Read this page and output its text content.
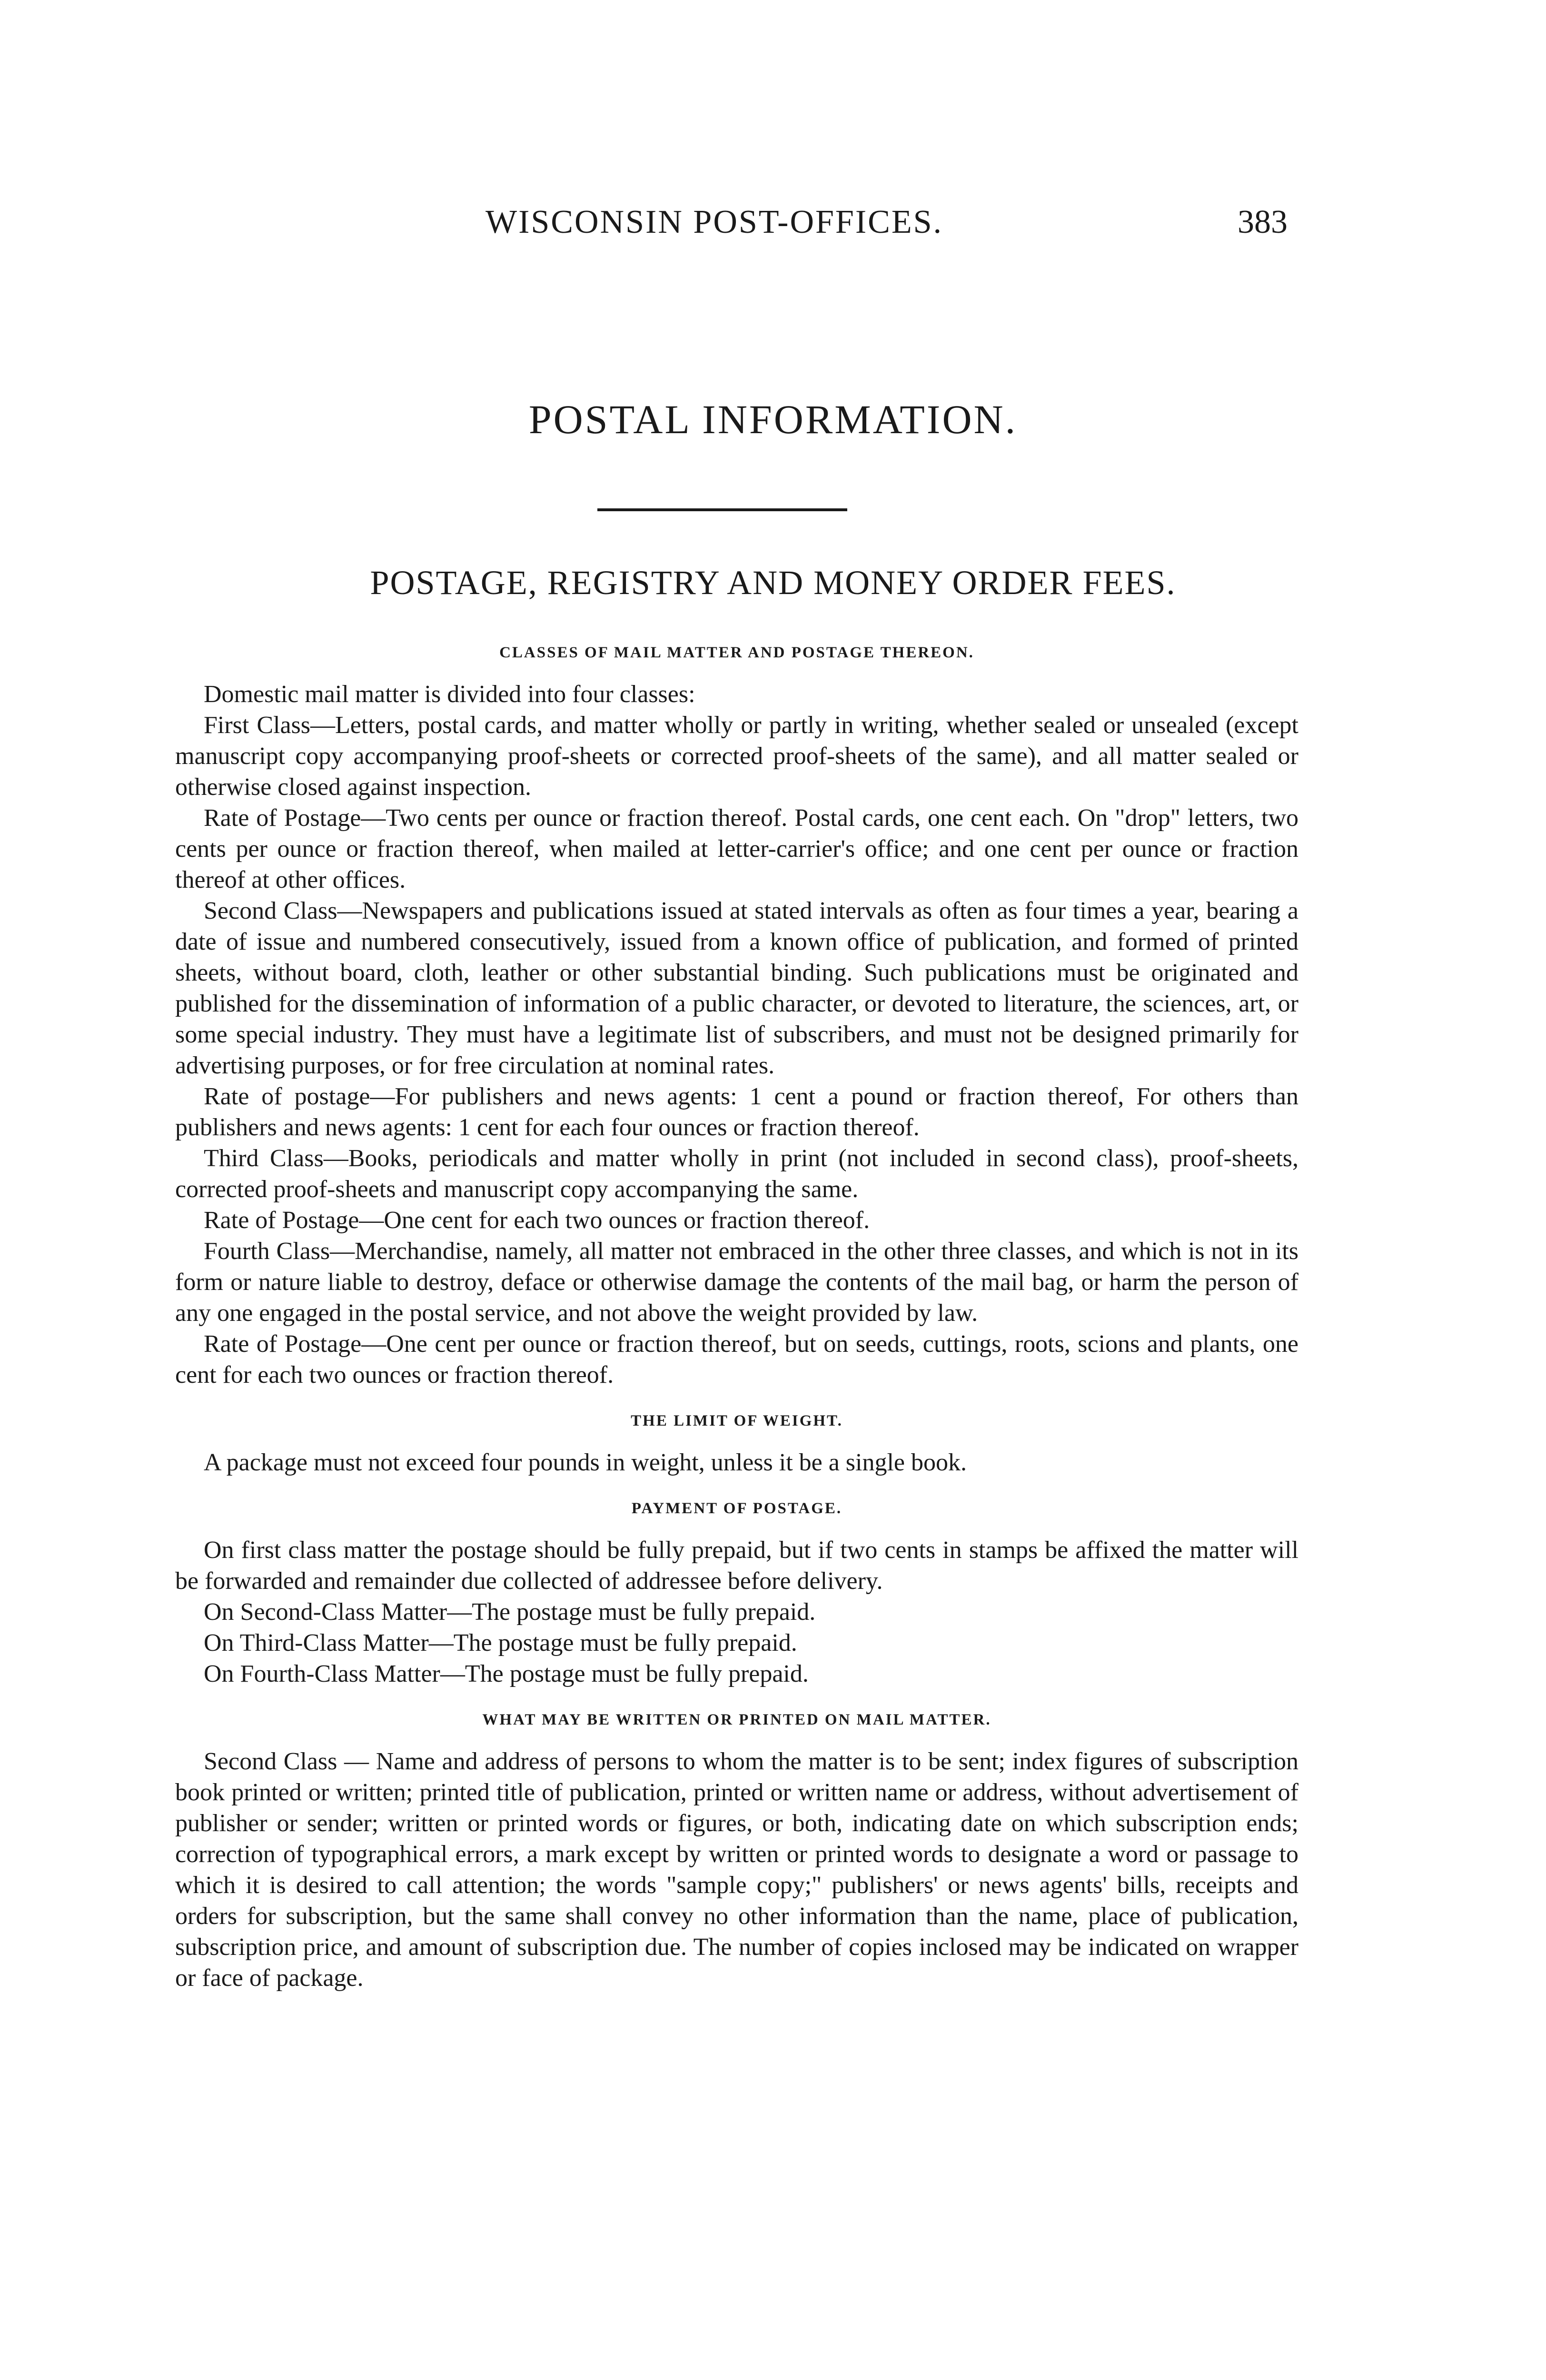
WISCONSIN POST-OFFICES.	383
POSTAL INFORMATION.
POSTAGE, REGISTRY AND MONEY ORDER FEES.
CLASSES OF MAIL MATTER AND POSTAGE THEREON.

Domestic mail matter is divided into four classes:

First Class—Letters, postal cards, and matter wholly or partly in writing, whether sealed or unsealed (except manuscript copy accompanying proof-sheets or corrected proof-sheets of the same), and all matter sealed or otherwise closed against inspection.

Rate of Postage—Two cents per ounce or fraction thereof. Postal cards, one cent each. On "drop" letters, two cents per ounce or fraction thereof, when mailed at letter-carrier's office; and one cent per ounce or fraction thereof at other offices.

Second Class—Newspapers and publications issued at stated intervals as often as four times a year, bearing a date of issue and numbered consecutively, issued from a known office of publication, and formed of printed sheets, without board, cloth, leather or other substantial binding. Such publications must be originated and published for the dissemination of information of a public character, or devoted to literature, the sciences, art, or some special industry. They must have a legitimate list of subscribers, and must not be designed primarily for advertising purposes, or for free circulation at nominal rates.

Rate of postage—For publishers and news agents: 1 cent a pound or fraction thereof, For others than publishers and news agents: 1 cent for each four ounces or fraction thereof.

Third Class—Books, periodicals and matter wholly in print (not included in second class), proof-sheets, corrected proof-sheets and manuscript copy accompanying the same.

Rate of Postage—One cent for each two ounces or fraction thereof.

Fourth Class—Merchandise, namely, all matter not embraced in the other three classes, and which is not in its form or nature liable to destroy, deface or otherwise damage the contents of the mail bag, or harm the person of any one engaged in the postal service, and not above the weight provided by law.

Rate of Postage—One cent per ounce or fraction thereof, but on seeds, cuttings, roots, scions and plants, one cent for each two ounces or fraction thereof.

THE LIMIT OF WEIGHT.

A package must not exceed four pounds in weight, unless it be a single book.

PAYMENT OF POSTAGE.

On first class matter the postage should be fully prepaid, but if two cents in stamps be affixed the matter will be forwarded and remainder due collected of addressee before delivery.

On Second-Class Matter—The postage must be fully prepaid.

On Third-Class Matter—The postage must be fully prepaid.

On Fourth-Class Matter—The postage must be fully prepaid.

WHAT MAY BE WRITTEN OR PRINTED ON MAIL MATTER.

Second Class — Name and address of persons to whom the matter is to be sent; index figures of subscription book printed or written; printed title of publication, printed or written name or address, without advertisement of publisher or sender; written or printed words or figures, or both, indicating date on which subscription ends; correction of typographical errors, a mark except by written or printed words to designate a word or passage to which it is desired to call attention; the words "sample copy;" publishers' or news agents' bills, receipts and orders for subscription, but the same shall convey no other information than the name, place of publication, subscription price, and amount of subscription due. The number of copies inclosed may be indicated on wrapper or face of package.
